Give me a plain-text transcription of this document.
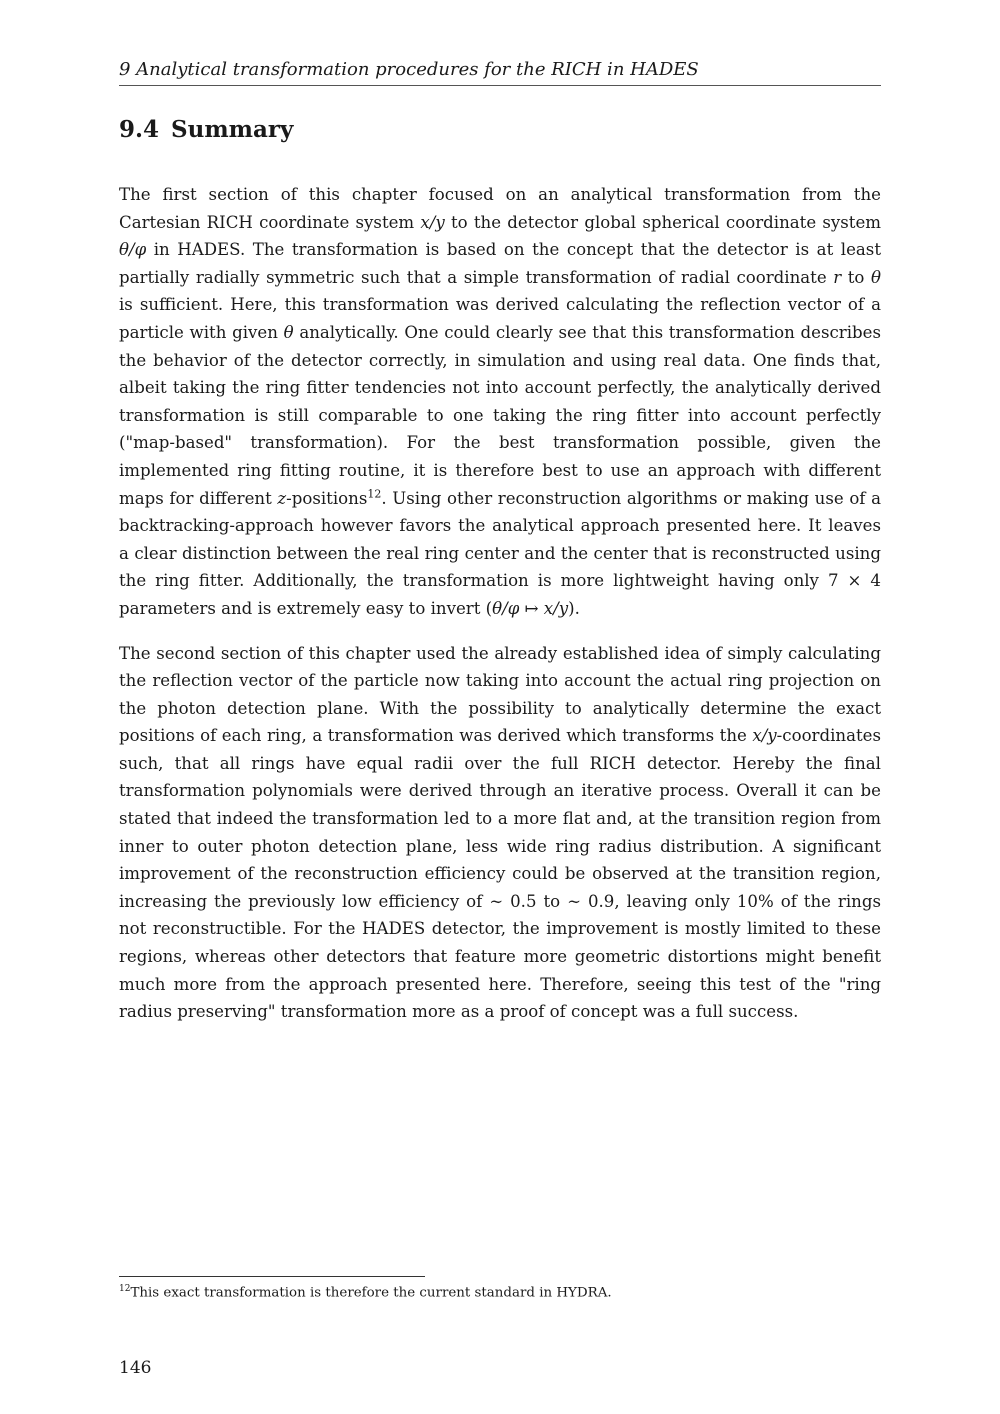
9 Analytical transformation procedures for the RICH in HADES
9.4 Summary

The first section of this chapter focused on an analytical transformation from the Cartesian RICH coordinate system x/y to the detector global spherical coordinate system θ/φ in HADES. The transformation is based on the concept that the detector is at least partially radially symmetric such that a simple transformation of radial coordinate r to θ is sufficient. Here, this transformation was derived calculating the reflection vector of a particle with given θ analytically. One could clearly see that this transformation describes the behavior of the detector correctly, in simulation and using real data. One finds that, albeit taking the ring fitter tendencies not into account perfectly, the analytically derived transformation is still comparable to one taking the ring fitter into account perfectly ("map-based" transformation). For the best transformation possible, given the implemented ring fitting routine, it is therefore best to use an approach with different maps for different z-positions$^{12}$. Using other reconstruction algorithms or making use of a backtracking-approach however favors the analytical approach presented here. It leaves a clear distinction between the real ring center and the center that is reconstructed using the ring fitter. Additionally, the transformation is more lightweight having only 7 × 4 parameters and is extremely easy to invert (θ/φ ↦ x/y).

The second section of this chapter used the already established idea of simply calculating the reflection vector of the particle now taking into account the actual ring projection on the photon detection plane. With the possibility to analytically determine the exact positions of each ring, a transformation was derived which transforms the x/y-coordinates such, that all rings have equal radii over the full RICH detector. Hereby the final transformation polynomials were derived through an iterative process. Overall it can be stated that indeed the transformation led to a more flat and, at the transition region from inner to outer photon detection plane, less wide ring radius distribution. A significant improvement of the reconstruction efficiency could be observed at the transition region, increasing the previously low efficiency of ∼ 0.5 to ∼ 0.9, leaving only 10% of the rings not reconstructible. For the HADES detector, the improvement is mostly limited to these regions, whereas other detectors that feature more geometric distortions might benefit much more from the approach presented here. Therefore, seeing this test of the "ring radius preserving" transformation more as a proof of concept was a full success.

$^{12}$This exact transformation is therefore the current standard in HYDRA.
146
